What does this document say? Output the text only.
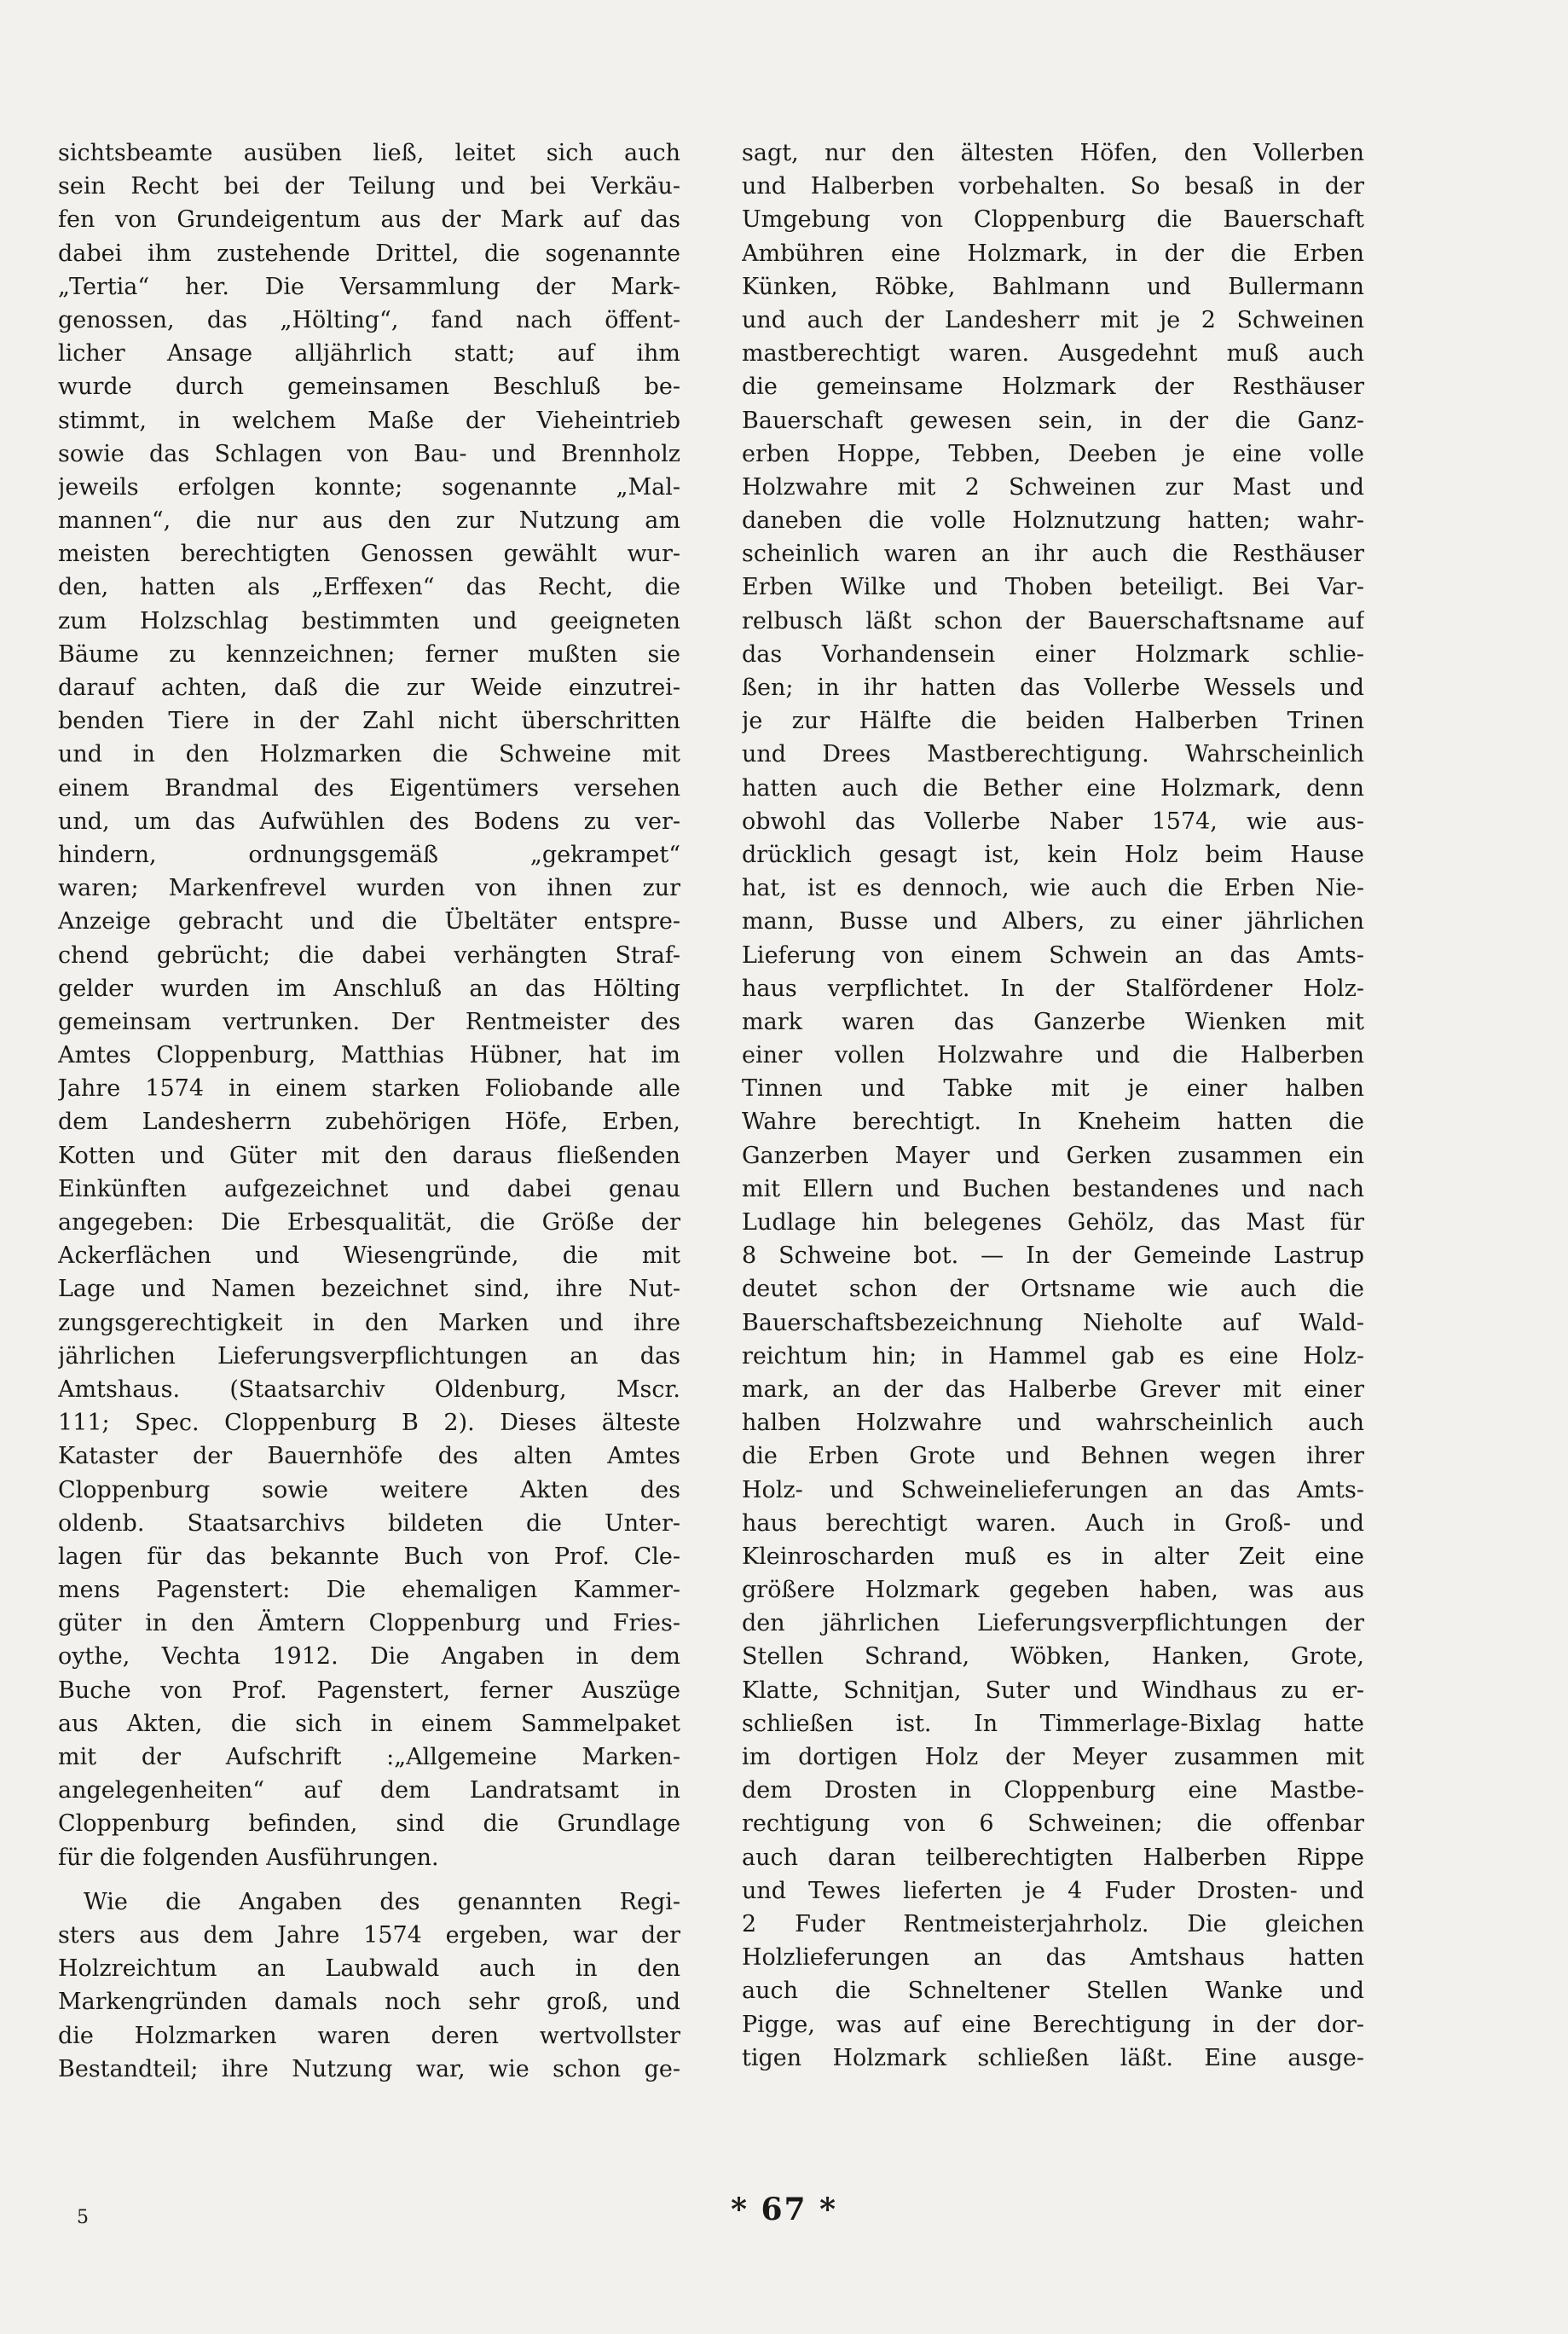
sichtsbeamte ausüben ließ, leitet sich auch
sein Recht bei der Teilung und bei Verkäu-
fen von Grundeigentum aus der Mark auf das
dabei ihm zustehende Drittel, die sogenannte
„Tertia“ her. Die Versammlung der Mark-
genossen, das „Hölting“, fand nach öffent-
licher Ansage alljährlich statt; auf ihm
wurde durch gemeinsamen Beschluß be-
stimmt, in welchem Maße der Vieheintrieb
sowie das Schlagen von Bau- und Brennholz
jeweils erfolgen konnte; sogenannte „Mal-
mannen“, die nur aus den zur Nutzung am
meisten berechtigten Genossen gewählt wur-
den, hatten als „Erffexen“ das Recht, die
zum Holzschlag bestimmten und geeigneten
Bäume zu kennzeichnen; ferner mußten sie
darauf achten, daß die zur Weide einzutrei-
benden Tiere in der Zahl nicht überschritten
und in den Holzmarken die Schweine mit
einem Brandmal des Eigentümers versehen
und, um das Aufwühlen des Bodens zu ver-
hindern, ordnungsgemäß „gekrampet“
waren; Markenfrevel wurden von ihnen zur
Anzeige gebracht und die Übeltäter entspre-
chend gebrücht; die dabei verhängten Straf-
gelder wurden im Anschluß an das Hölting
gemeinsam vertrunken. Der Rentmeister des
Amtes Cloppenburg, Matthias Hübner, hat im
Jahre 1574 in einem starken Foliobande alle
dem Landesherrn zubehörigen Höfe, Erben,
Kotten und Güter mit den daraus fließenden
Einkünften aufgezeichnet und dabei genau
angegeben: Die Erbesqualität, die Größe der
Ackerflächen und Wiesengründe, die mit
Lage und Namen bezeichnet sind, ihre Nut-
zungsgerechtigkeit in den Marken und ihre
jährlichen Lieferungsverpflichtungen an das
Amtshaus. (Staatsarchiv Oldenburg, Mscr.
111; Spec. Cloppenburg B 2). Dieses älteste
Kataster der Bauernhöfe des alten Amtes
Cloppenburg sowie weitere Akten des
oldenb. Staatsarchivs bildeten die Unter-
lagen für das bekannte Buch von Prof. Cle-
mens Pagenstert: Die ehemaligen Kammer-
güter in den Ämtern Cloppenburg und Fries-
oythe, Vechta 1912. Die Angaben in dem
Buche von Prof. Pagenstert, ferner Auszüge
aus Akten, die sich in einem Sammelpaket
mit der Aufschrift :„Allgemeine Marken-
angelegenheiten“ auf dem Landratsamt in
Cloppenburg befinden, sind die Grundlage
für die folgenden Ausführungen.
Wie die Angaben des genannten Regi-
sters aus dem Jahre 1574 ergeben, war der
Holzreichtum an Laubwald auch in den
Markengründen damals noch sehr groß, und
die Holzmarken waren deren wertvollster
Bestandteil; ihre Nutzung war, wie schon ge-
sagt, nur den ältesten Höfen, den Vollerben
und Halberben vorbehalten. So besaß in der
Umgebung von Cloppenburg die Bauerschaft
Ambühren eine Holzmark, in der die Erben
Künken, Röbke, Bahlmann und Bullermann
und auch der Landesherr mit je 2 Schweinen
mastberechtigt waren. Ausgedehnt muß auch
die gemeinsame Holzmark der Resthäuser
Bauerschaft gewesen sein, in der die Ganz-
erben Hoppe, Tebben, Deeben je eine volle
Holzwahre mit 2 Schweinen zur Mast und
daneben die volle Holznutzung hatten; wahr-
scheinlich waren an ihr auch die Resthäuser
Erben Wilke und Thoben beteiligt. Bei Var-
relbusch läßt schon der Bauerschaftsname auf
das Vorhandensein einer Holzmark schlie-
ßen; in ihr hatten das Vollerbe Wessels und
je zur Hälfte die beiden Halberben Trinen
und Drees Mastberechtigung. Wahrscheinlich
hatten auch die Bether eine Holzmark, denn
obwohl das Vollerbe Naber 1574, wie aus-
drücklich gesagt ist, kein Holz beim Hause
hat, ist es dennoch, wie auch die Erben Nie-
mann, Busse und Albers, zu einer jährlichen
Lieferung von einem Schwein an das Amts-
haus verpflichtet. In der Stalfördener Holz-
mark waren das Ganzerbe Wienken mit
einer vollen Holzwahre und die Halberben
Tinnen und Tabke mit je einer halben
Wahre berechtigt. In Kneheim hatten die
Ganzerben Mayer und Gerken zusammen ein
mit Ellern und Buchen bestandenes und nach
Ludlage hin belegenes Gehölz, das Mast für
8 Schweine bot. — In der Gemeinde Lastrup
deutet schon der Ortsname wie auch die
Bauerschaftsbezeichnung Nieholte auf Wald-
reichtum hin; in Hammel gab es eine Holz-
mark, an der das Halberbe Grever mit einer
halben Holzwahre und wahrscheinlich auch
die Erben Grote und Behnen wegen ihrer
Holz- und Schweinelieferungen an das Amts-
haus berechtigt waren. Auch in Groß- und
Kleinroscharden muß es in alter Zeit eine
größere Holzmark gegeben haben, was aus
den jährlichen Lieferungsverpflichtungen der
Stellen Schrand, Wöbken, Hanken, Grote,
Klatte, Schnitjan, Suter und Windhaus zu er-
schließen ist. In Timmerlage-Bixlag hatte
im dortigen Holz der Meyer zusammen mit
dem Drosten in Cloppenburg eine Mastbe-
rechtigung von 6 Schweinen; die offenbar
auch daran teilberechtigten Halberben Rippe
und Tewes lieferten je 4 Fuder Drosten- und
2 Fuder Rentmeisterjahrholz. Die gleichen
Holzlieferungen an das Amtshaus hatten
auch die Schneltener Stellen Wanke und
Pigge, was auf eine Berechtigung in der dor-
tigen Holzmark schließen läßt. Eine ausge-
5	* 67 *
